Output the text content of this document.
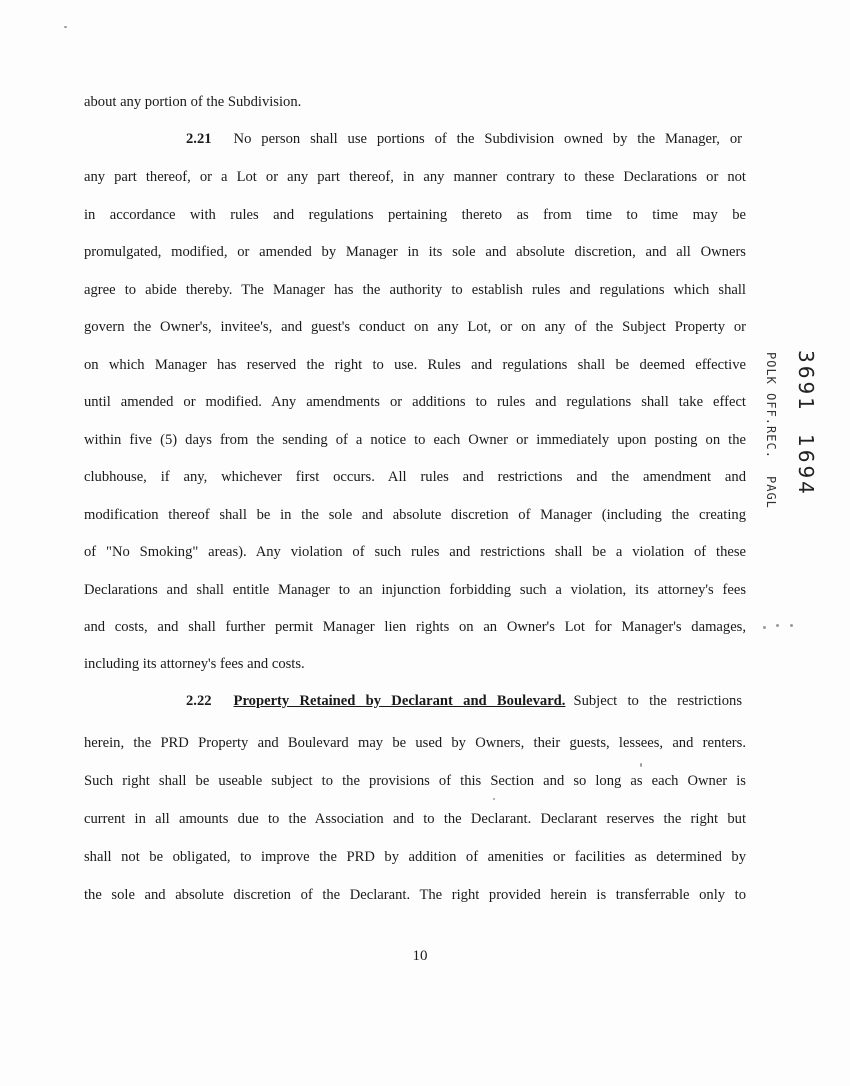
about any portion of the Subdivision.
2.21 No person shall use portions of the Subdivision owned by the Manager, or
any part thereof, or a Lot or any part thereof, in any manner contrary to these Declarations or not
in accordance with rules and regulations pertaining thereto as from time to time may be
promulgated, modified, or amended by Manager in its sole and absolute discretion, and all Owners
agree to abide thereby. The Manager has the authority to establish rules and regulations which shall
govern the Owner's, invitee's, and guest's conduct on any Lot, or on any of the Subject Property or
on which Manager has reserved the right to use. Rules and regulations shall be deemed effective
until amended or modified. Any amendments or additions to rules and regulations shall take effect
within five (5) days from the sending of a notice to each Owner or immediately upon posting on the
clubhouse, if any, whichever first occurs. All rules and restrictions and the amendment and
modification thereof shall be in the sole and absolute discretion of Manager (including the creating
of "No Smoking" areas). Any violation of such rules and restrictions shall be a violation of these
Declarations and shall entitle Manager to an injunction forbidding such a violation, its attorney's fees
and costs, and shall further permit Manager lien rights on an Owner's Lot for Manager's damages,
including its attorney's fees and costs.
2.22 Property Retained by Declarant and Boulevard. Subject to the restrictions
herein, the PRD Property and Boulevard may be used by Owners, their guests, lessees, and renters.
Such right shall be useable subject to the provisions of this Section and so long as each Owner is
current in all amounts due to the Association and to the Declarant. Declarant reserves the right but
shall not be obligated, to improve the PRD by addition of amenities or facilities as determined by
the sole and absolute discretion of the Declarant. The right provided herein is transferrable only to
10
3691
1694
POLK OFF.REC.
PAGL
